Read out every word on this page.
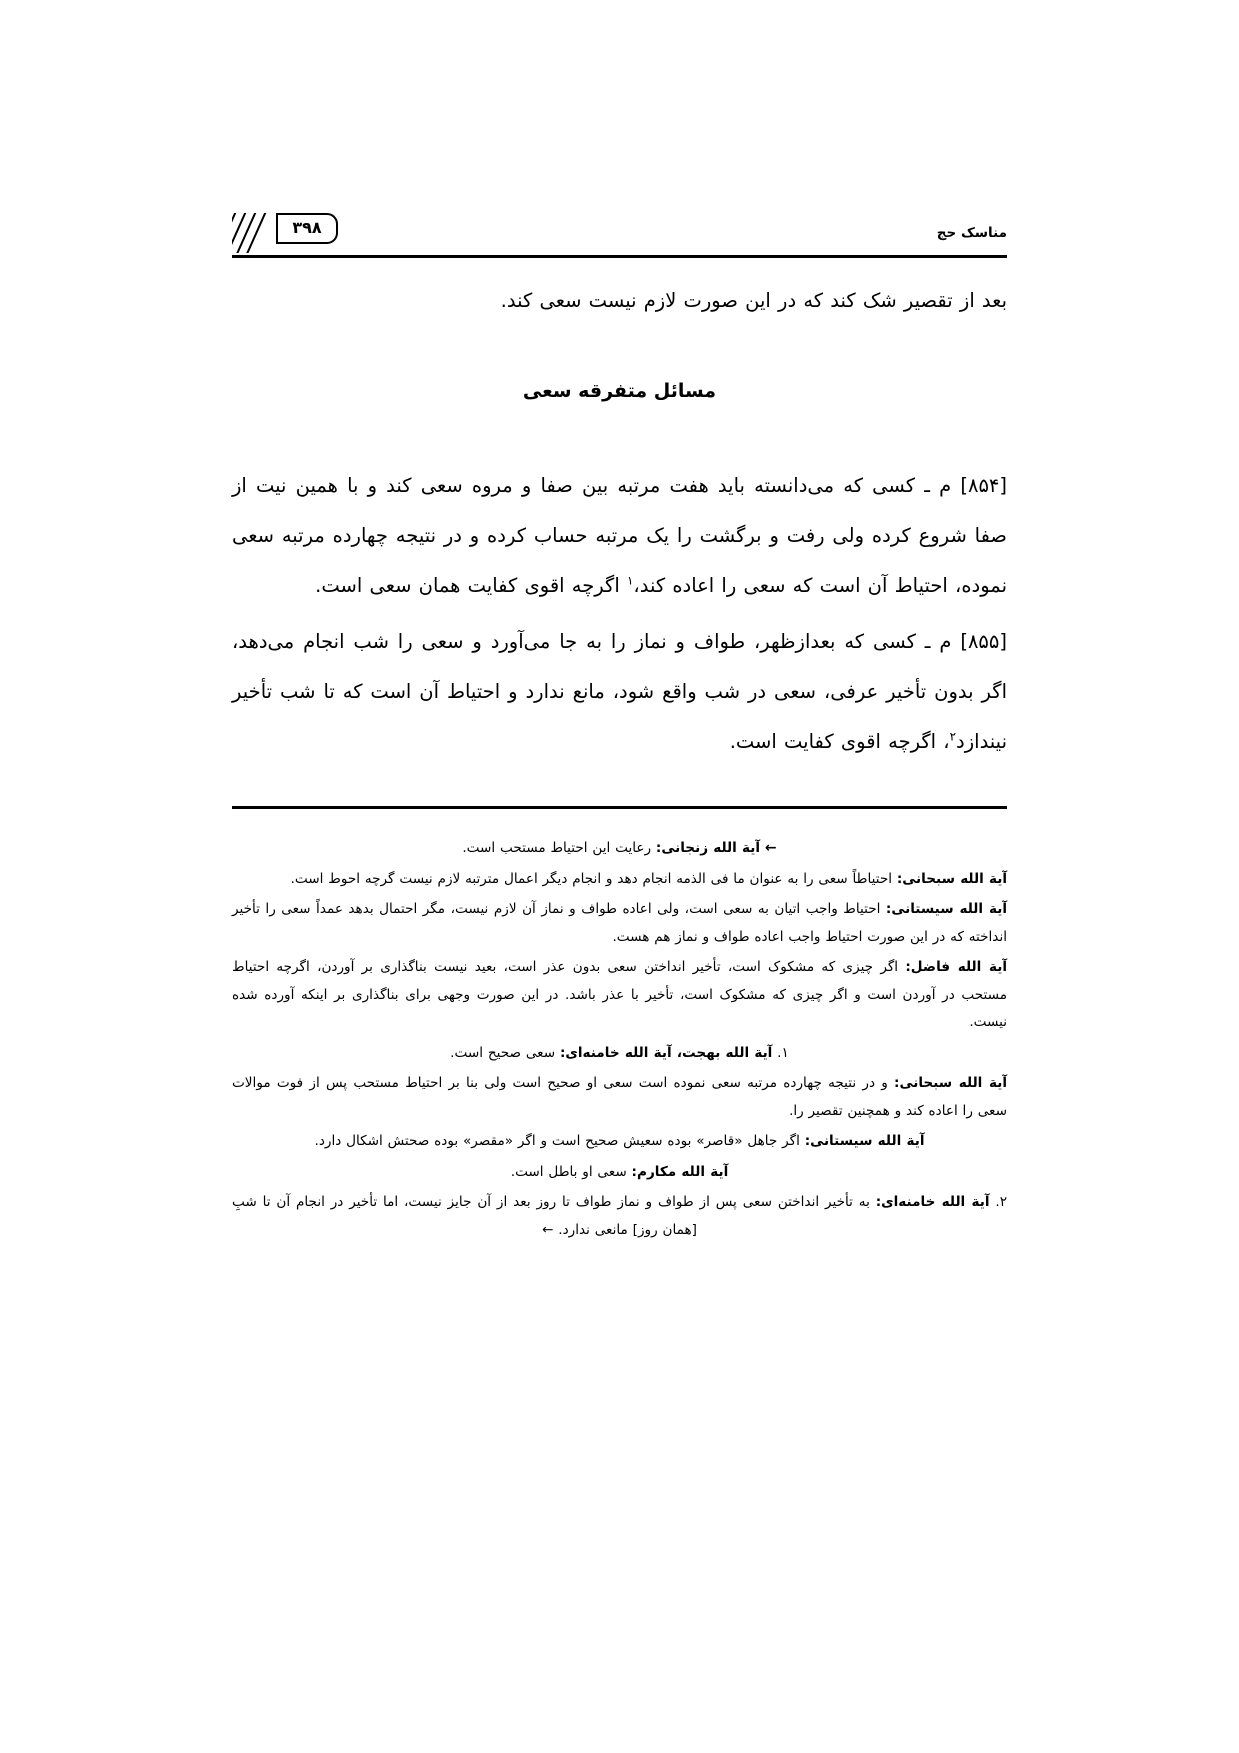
مناسک حج
۳۹۸

بعد از تقصیر شک کند که در این صورت لازم نیست سعی کند.

مسائل متفرقه سعی

[۸۵۴] م ـ کسی که می‌دانسته باید هفت مرتبه بین صفا و مروه سعی کند و با همین نیت از صفا شروع کرده ولی رفت و برگشت را یک مرتبه حساب کرده و در نتیجه چهارده مرتبه سعی نموده، احتیاط آن است که سعی را اعاده کند،$^۱$ اگرچه اقوی کفایت همان سعی است.

[۸۵۵] م ـ کسی که بعدازظهر، طواف و نماز را به جا می‌آورد و سعی را شب انجام می‌دهد، اگر بدون تأخیر عرفی، سعی در شب واقع شود، مانع ندارد و احتیاط آن است که تا شب تأخیر نیندازد$^۲$، اگرچه اقوی کفایت است.

← آیة الله زنجانی: رعایت این احتیاط مستحب است.

آیة الله سبحانی: احتیاطاً سعی را به عنوان ما فی الذمه انجام دهد و انجام دیگر اعمال مترتبه لازم نیست گرچه احوط است.

آیة الله سیستانی: احتیاط واجب اتیان به سعی است، ولی اعاده طواف و نماز آن لازم نیست، مگر احتمال بدهد عمداً سعی را تأخیر انداخته که در این صورت احتیاط واجب اعاده طواف و نماز هم هست.

آیة الله فاضل: اگر چیزی که مشکوک است، تأخیر انداختن سعی بدون عذر است، بعید نیست بناگذاری بر آوردن، اگرچه احتیاط مستحب در آوردن است و اگر چیزی که مشکوک است، تأخیر با عذر باشد. در این صورت وجهی برای بناگذاری بر اینکه آورده شده نیست.

۱. آیة الله بهجت، آیة الله خامنه‌ای: سعی صحیح است.

آیة الله سبحانی: و در نتیجه چهارده مرتبه سعی نموده است سعی او صحیح است ولی بنا بر احتیاط مستحب پس از فوت موالات سعی را اعاده کند و همچنین تقصیر را.

آیة الله سیستانی: اگر جاهل «قاصر» بوده سعیش صحیح است و اگر «مقصر» بوده صحتش اشکال دارد.

آیة الله مکارم: سعی او باطل است.

۲. آیة الله خامنه‌ای: به تأخیر انداختن سعی پس از طواف و نماز طواف تا روز بعد از آن جایز نیست، اما تأخیر در انجام آن تا شبِ [همان روز] مانعی ندارد. ←
